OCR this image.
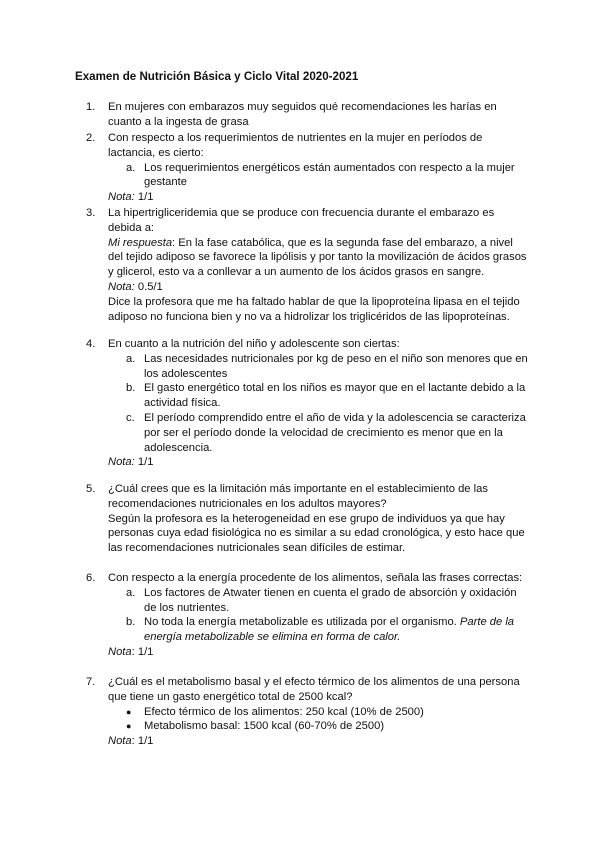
Examen de Nutrición Básica y Ciclo Vital 2020-2021
1. En mujeres con embarazos muy seguidos qué recomendaciones les harías en
cuanto a la ingesta de grasa
2. Con respecto a los requerimientos de nutrientes en la mujer en períodos de
lactancia, es cierto:
a. Los requerimientos energéticos están aumentados con respecto a la mujer
gestante
Nota: 1/1
3. La hipertrigliceridemia que se produce con frecuencia durante el embarazo es
debida a:
Mi respuesta: En la fase catabólica, que es la segunda fase del embarazo, a nivel
del tejido adiposo se favorece la lipólisis y por tanto la movilización de ácidos grasos
y glicerol, esto va a conllevar a un aumento de los ácidos grasos en sangre.
Nota: 0.5/1
Dice la profesora que me ha faltado hablar de que la lipoproteína lipasa en el tejido
adiposo no funciona bien y no va a hidrolizar los triglicéridos de las lipoproteínas.
4. En cuanto a la nutrición del niño y adolescente son ciertas:
a. Las necesidades nutricionales por kg de peso en el niño son menores que en
los adolescentes
b. El gasto energético total en los niños es mayor que en el lactante debido a la
actividad física.
c. El período comprendido entre el año de vida y la adolescencia se caracteriza
por ser el período donde la velocidad de crecimiento es menor que en la
adolescencia.
Nota: 1/1
5. ¿Cuál crees que es la limitación más importante en el establecimiento de las
recomendaciones nutricionales en los adultos mayores?
Según la profesora es la heterogeneidad en ese grupo de individuos ya que hay
personas cuya edad fisiológica no es similar a su edad cronológica, y esto hace que
las recomendaciones nutricionales sean difíciles de estimar.
6. Con respecto a la energía procedente de los alimentos, señala las frases correctas:
a. Los factores de Atwater tienen en cuenta el grado de absorción y oxidación
de los nutrientes.
b. No toda la energía metabolizable es utilizada por el organismo. Parte de la
energía metabolizable se elimina en forma de calor.
Nota: 1/1
7. ¿Cuál es el metabolismo basal y el efecto térmico de los alimentos de una persona
que tiene un gasto energético total de 2500 kcal?
● Efecto térmico de los alimentos: 250 kcal (10% de 2500)
● Metabolismo basal: 1500 kcal (60-70% de 2500)
Nota: 1/1
